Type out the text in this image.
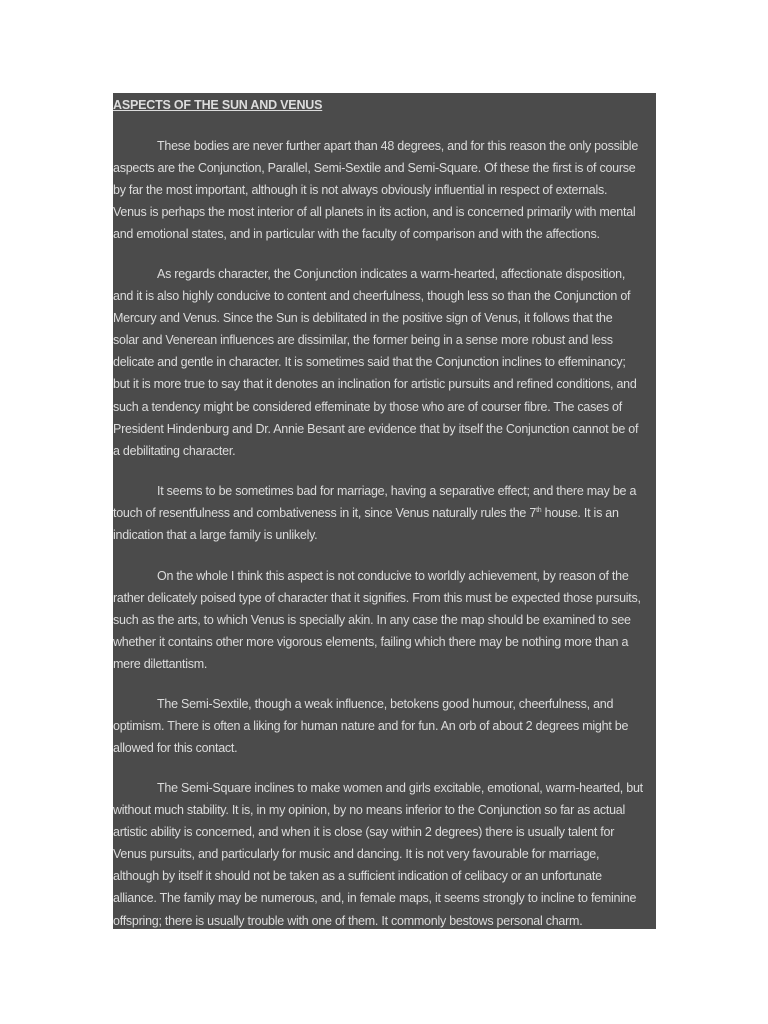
ASPECTS OF THE SUN AND VENUS

These bodies are never further apart than 48 degrees, and for this reason the only possible
aspects are the Conjunction, Parallel, Semi-Sextile and Semi-Square. Of these the first is of course
by far the most important, although it is not always obviously influential in respect of externals.
Venus is perhaps the most interior of all planets in its action, and is concerned primarily with mental
and emotional states, and in particular with the faculty of comparison and with the affections.

As regards character, the Conjunction indicates a warm-hearted, affectionate disposition,
and it is also highly conducive to content and cheerfulness, though less so than the Conjunction of
Mercury and Venus. Since the Sun is debilitated in the positive sign of Venus, it follows that the
solar and Venerean influences are dissimilar, the former being in a sense more robust and less
delicate and gentle in character. It is sometimes said that the Conjunction inclines to effeminancy;
but it is more true to say that it denotes an inclination for artistic pursuits and refined conditions, and
such a tendency might be considered effeminate by those who are of courser fibre. The cases of
President Hindenburg and Dr. Annie Besant are evidence that by itself the Conjunction cannot be of
a debilitating character.

It seems to be sometimes bad for marriage, having a separative effect; and there may be a
touch of resentfulness and combativeness in it, since Venus naturally rules the 7th house. It is an
indication that a large family is unlikely.

On the whole I think this aspect is not conducive to worldly achievement, by reason of the
rather delicately poised type of character that it signifies. From this must be expected those pursuits,
such as the arts, to which Venus is specially akin. In any case the map should be examined to see
whether it contains other more vigorous elements, failing which there may be nothing more than a
mere dilettantism.

The Semi-Sextile, though a weak influence, betokens good humour, cheerfulness, and
optimism. There is often a liking for human nature and for fun. An orb of about 2 degrees might be
allowed for this contact.

The Semi-Square inclines to make women and girls excitable, emotional, warm-hearted, but
without much stability. It is, in my opinion, by no means inferior to the Conjunction so far as actual
artistic ability is concerned, and when it is close (say within 2 degrees) there is usually talent for
Venus pursuits, and particularly for music and dancing. It is not very favourable for marriage,
although by itself it should not be taken as a sufficient indication of celibacy or an unfortunate
alliance. The family may be numerous, and, in female maps, it seems strongly to incline to feminine
offspring; there is usually trouble with one of them. It commonly bestows personal charm.
